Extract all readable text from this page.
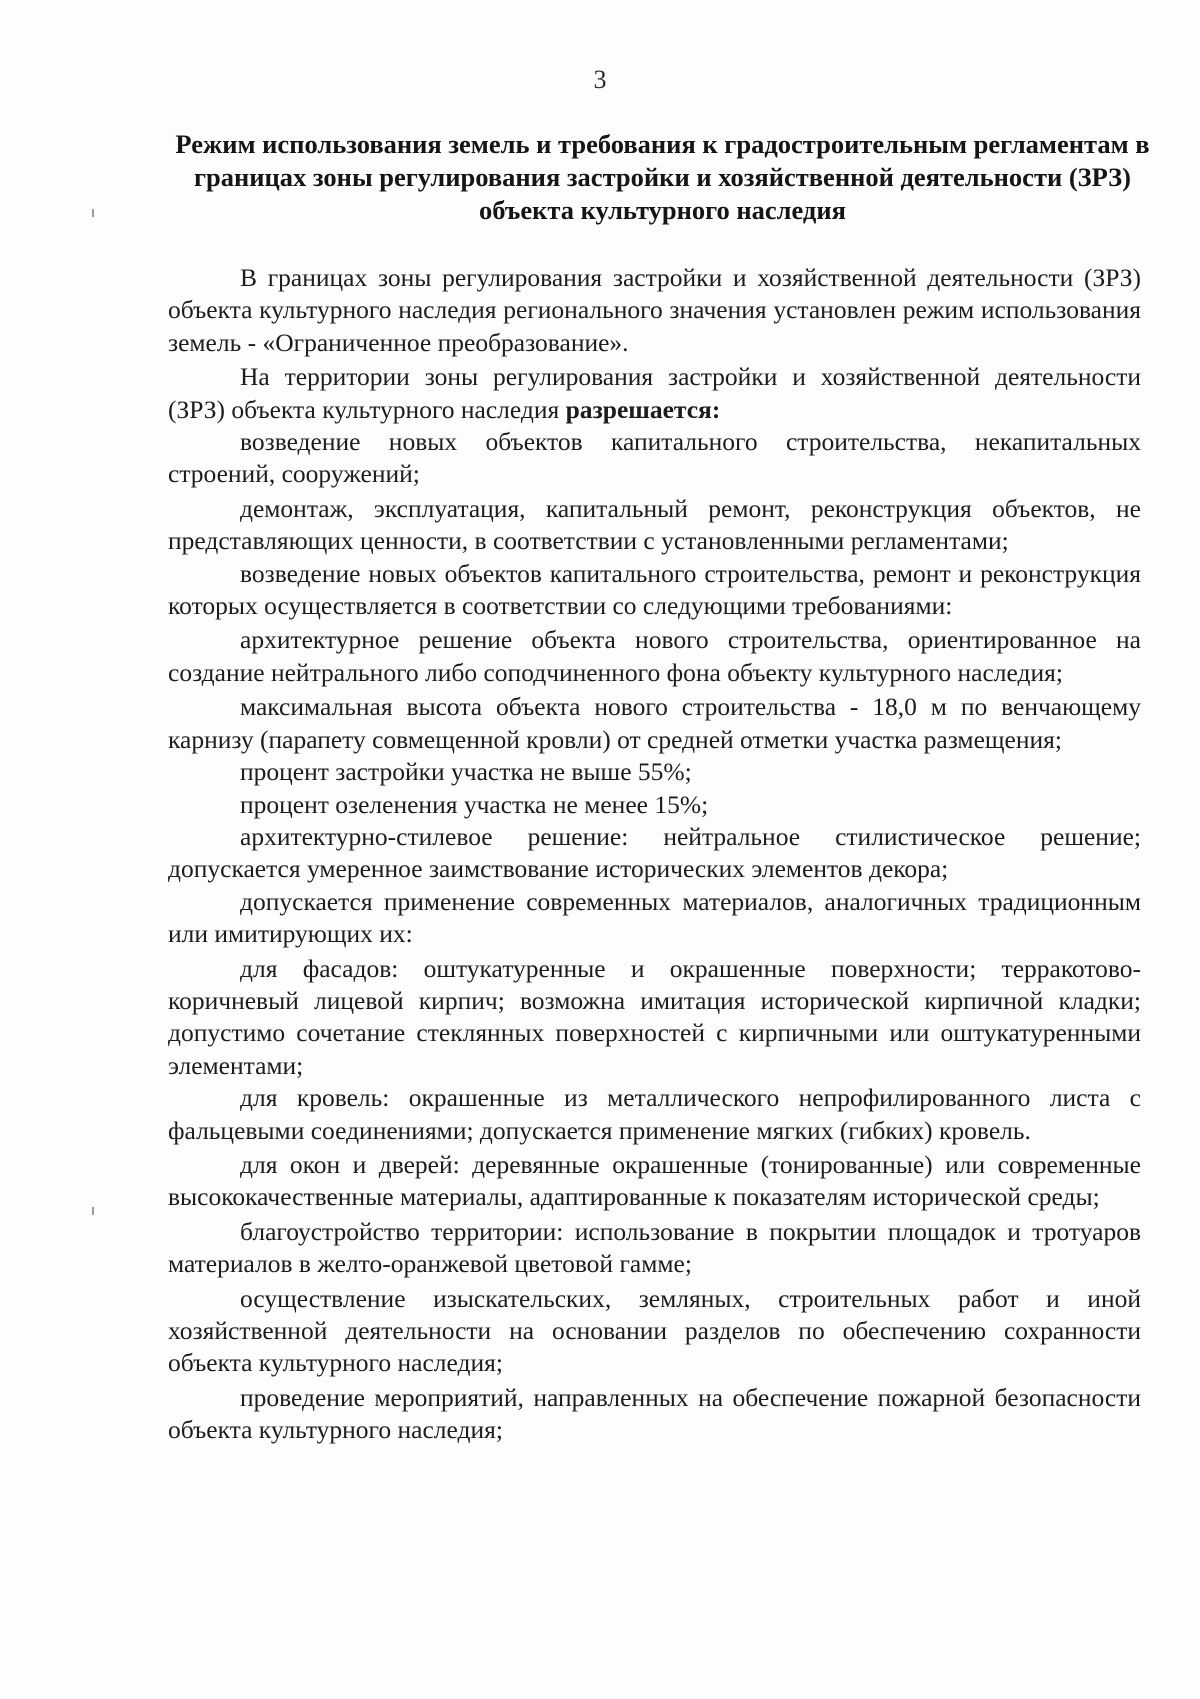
3
Режим использования земель и требования к градостроительным регламентам в границах зоны регулирования застройки и хозяйственной деятельности (ЗРЗ) объекта культурного наследия

В границах зоны регулирования застройки и хозяйственной деятельности (ЗРЗ) объекта культурного наследия регионального значения установлен режим использования земель - «Ограниченное преобразование».

На территории зоны регулирования застройки и хозяйственной деятельности (ЗРЗ) объекта культурного наследия разрешается:

возведение новых объектов капитального строительства, некапитальных строений, сооружений;

демонтаж, эксплуатация, капитальный ремонт, реконструкция объектов, не представляющих ценности, в соответствии с установленными регламентами;

возведение новых объектов капитального строительства, ремонт и реконструкция которых осуществляется в соответствии со следующими требованиями:

архитектурное решение объекта нового строительства, ориентированное на создание нейтрального либо соподчиненного фона объекту культурного наследия;

максимальная высота объекта нового строительства - 18,0 м по венчающему карнизу (парапету совмещенной кровли) от средней отметки участка размещения;

процент застройки участка не выше 55%;

процент озеленения участка не менее 15%;

архитектурно-стилевое решение: нейтральное стилистическое решение; допускается умеренное заимствование исторических элементов декора;

допускается применение современных материалов, аналогичных традиционным или имитирующих их:

для фасадов: оштукатуренные и окрашенные поверхности; терракотово-коричневый лицевой кирпич; возможна имитация исторической кирпичной кладки; допустимо сочетание стеклянных поверхностей с кирпичными или оштукатуренными элементами;

для кровель: окрашенные из металлического непрофилированного листа с фальцевыми соединениями; допускается применение мягких (гибких) кровель.

для окон и дверей: деревянные окрашенные (тонированные) или современные высококачественные материалы, адаптированные к показателям исторической среды;

благоустройство территории: использование в покрытии площадок и тротуаров материалов в желто-оранжевой цветовой гамме;

осуществление изыскательских, земляных, строительных работ и иной хозяйственной деятельности на основании разделов по обеспечению сохранности объекта культурного наследия;

проведение мероприятий, направленных на обеспечение пожарной безопасности объекта культурного наследия;
